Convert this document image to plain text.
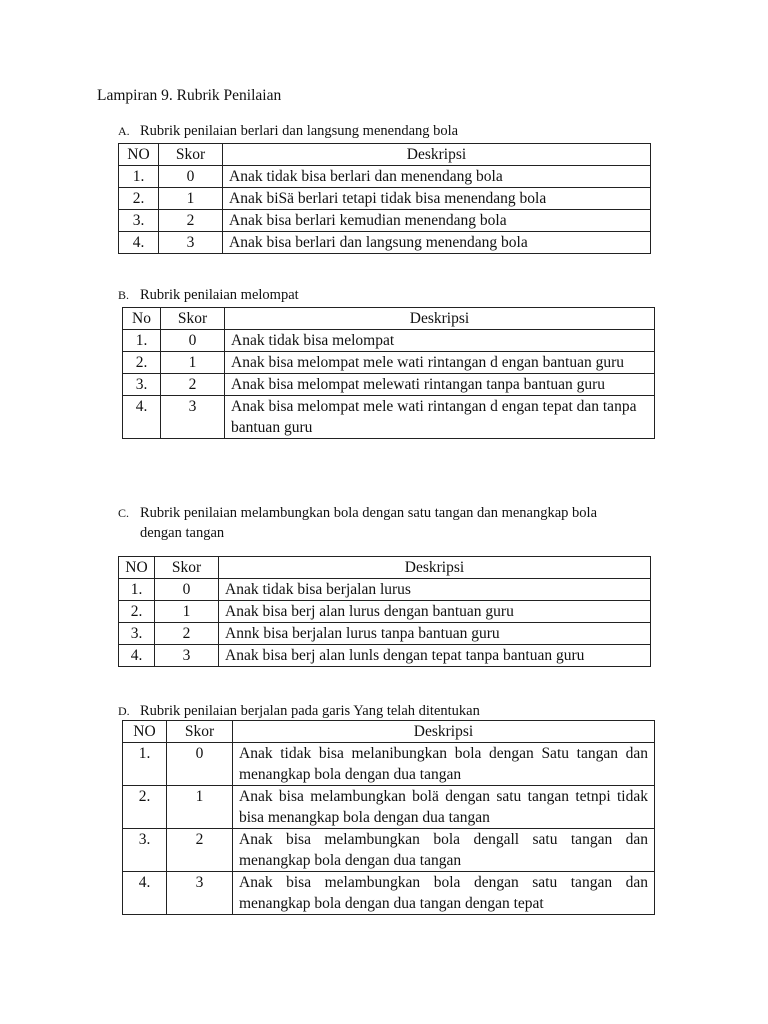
Lampiran 9. Rubrik Penilaian
A. Rubrik penilaian berlari dan langsung menendang bola
NO	Skor	Deskripsi
1.	0	Anak tidak bisa berlari dan menendang bola
2.	1	Anak biSä berlari tetapi tidak bisa menendang bola
3.	2	Anak bisa berlari kemudian menendang bola
4.	3	Anak bisa berlari dan langsung menendang bola
B. Rubrik penilaian melompat
No	Skor	Deskripsi
1.	0	Anak tidak bisa melompat
2.	1	Anak bisa melompat mele wati rintangan d engan bantuan guru
3.	2	Anak bisa melompat melewati rintangan tanpa bantuan guru
4.	3	Anak bisa melompat mele wati rintangan d engan tepat dan tanpa bantuan guru
C. Rubrik penilaian melambungkan bola dengan satu tangan dan menangkap bola
dengan tangan
NO	Skor	Deskripsi
1.	0	Anak tidak bisa berjalan lurus
2.	1	Anak bisa berj alan lurus dengan bantuan guru
3.	2	Annk bisa berjalan lurus tanpa bantuan guru
4.	3	Anak bisa berj alan lunls dengan tepat tanpa bantuan guru
D. Rubrik penilaian berjalan pada garis Yang telah ditentukan
NO	Skor	Deskripsi
1.	0	Anak tidak bisa melanibungkan bola dengan Satu tangan dan menangkap bola dengan dua tangan
2.	1	Anak bisa melambungkan bolä dengan satu tangan tetnpi tidak bisa menangkap bola dengan dua tangan
3.	2	Anak bisa melambungkan bola dengall satu tangan dan menangkap bola dengan dua tangan
4.	3	Anak bisa melambungkan bola dengan satu tangan dan menangkap bola dengan dua tangan dengan tepat
